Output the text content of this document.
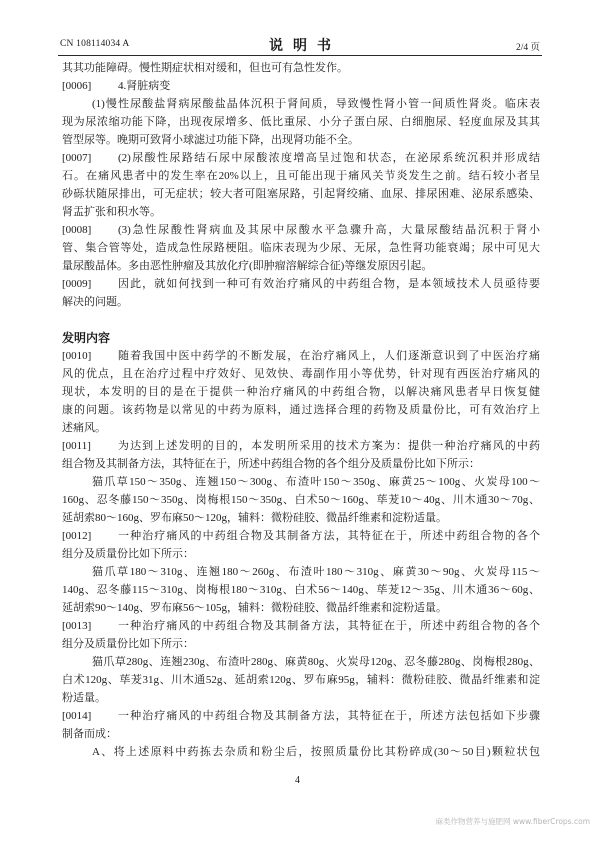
CN 108114034 A	说明书	2/4 页
其其功能障碍。慢性期症状相对缓和，但也可有急性发作。
[0006]	4.肾脏病变
(1)慢性尿酸盐肾病尿酸盐晶体沉积于肾间质，导致慢性肾小管一间质性肾炎。临床表
现为尿浓缩功能下降，出现夜尿增多、低比重尿、小分子蛋白尿、白细胞尿、轻度血尿及其其
管型尿等。晚期可致肾小球滤过功能下降，出现肾功能不全。
[0007]	(2)尿酸性尿路结石尿中尿酸浓度增高呈过饱和状态，在泌尿系统沉积并形成结
石。在痛风患者中的发生率在20%以上，且可能出现于痛风关节炎发生之前。结石较小者呈
砂砾状随尿排出，可无症状；较大者可阻塞尿路，引起肾绞痛、血尿、排尿困难、泌尿系感染、
肾盂扩张和积水等。
[0008]	(3)急性尿酸性肾病血及其尿中尿酸水平急骤升高，大量尿酸结晶沉积于肾小
管、集合管等处，造成急性尿路梗阻。临床表现为少尿、无尿，急性肾功能衰竭；尿中可见大
量尿酸晶体。多由恶性肿瘤及其放化疗(即肿瘤溶解综合征)等继发原因引起。
[0009]	因此，就如何找到一种可有效治疗痛风的中药组合物，是本领域技术人员亟待要
解决的问题。
发明内容
[0010]	随着我国中医中药学的不断发展，在治疗痛风上，人们逐渐意识到了中医治疗痛
风的优点，且在治疗过程中疗效好、见效快、毒副作用小等优势，针对现有西医治疗痛风的
现状，本发明的目的是在于提供一种治疗痛风的中药组合物，以解决痛风患者早日恢复健
康的问题。该药物是以常见的中药为原料，通过选择合理的药物及质量份比，可有效治疗上
述痛风。
[0011]	为达到上述发明的目的，本发明所采用的技术方案为：提供一种治疗痛风的中药
组合物及其制备方法，其特征在于，所述中药组合物的各个组分及质量份比如下所示：
猫爪草150～350g、连翘150～300g、布渣叶150～350g、麻黄25～100g、火炭母100～
160g、忍冬藤150～350g、岗梅根150～350g、白术50～160g、荜茇10～40g、川木通30～70g、
延胡索80～160g、罗布麻50～120g，辅料：微粉硅胶、微晶纤维素和淀粉适量。
[0012]	一种治疗痛风的中药组合物及其制备方法，其特征在于，所述中药组合物的各个
组分及质量份比如下所示：
猫爪草180～310g、连翘180～260g、布渣叶180～310g、麻黄30～90g、火炭母115～
140g、忍冬藤115～310g、岗梅根180～310g、白术56～140g、荜茇12～35g、川木通36～60g、
延胡索90～140g、罗布麻56～105g，辅料：微粉硅胶、微晶纤维素和淀粉适量。
[0013]	一种治疗痛风的中药组合物及其制备方法，其特征在于，所述中药组合物的各个
组分及质量份比如下所示：
猫爪草280g、连翘230g、布渣叶280g、麻黄80g、火炭母120g、忍冬藤280g、岗梅根280g、
白术120g、荜茇31g、川木通52g、延胡索120g、罗布麻95g，辅料：微粉硅胶、微晶纤维素和淀
粉适量。
[0014]	一种治疗痛风的中药组合物及其制备方法，其特征在于，所述方法包括如下步骤
制备而成：
A、将上述原料中药拣去杂质和粉尘后，按照质量份比其粉碎成(30～50目)颗粒状包
4
麻类作物营养与施肥网 www.fiberCrops.com
